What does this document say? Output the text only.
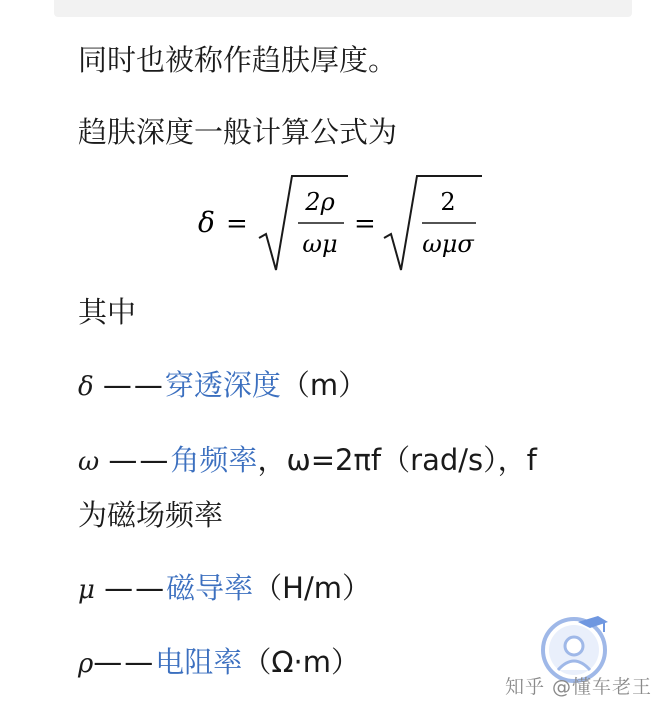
同时也被称作趋肤厚度。
趋肤深度一般计算公式为
δ =
2ρ
ωμ
=
2
ωμσ
其中
δ ——穿透深度（m）
ω ——角频率，ω=2πf（rad/s），f
为磁场频率
μ ——磁导率（H/m）
ρ——电阻率（Ω·m）
知乎 @懂车老王
